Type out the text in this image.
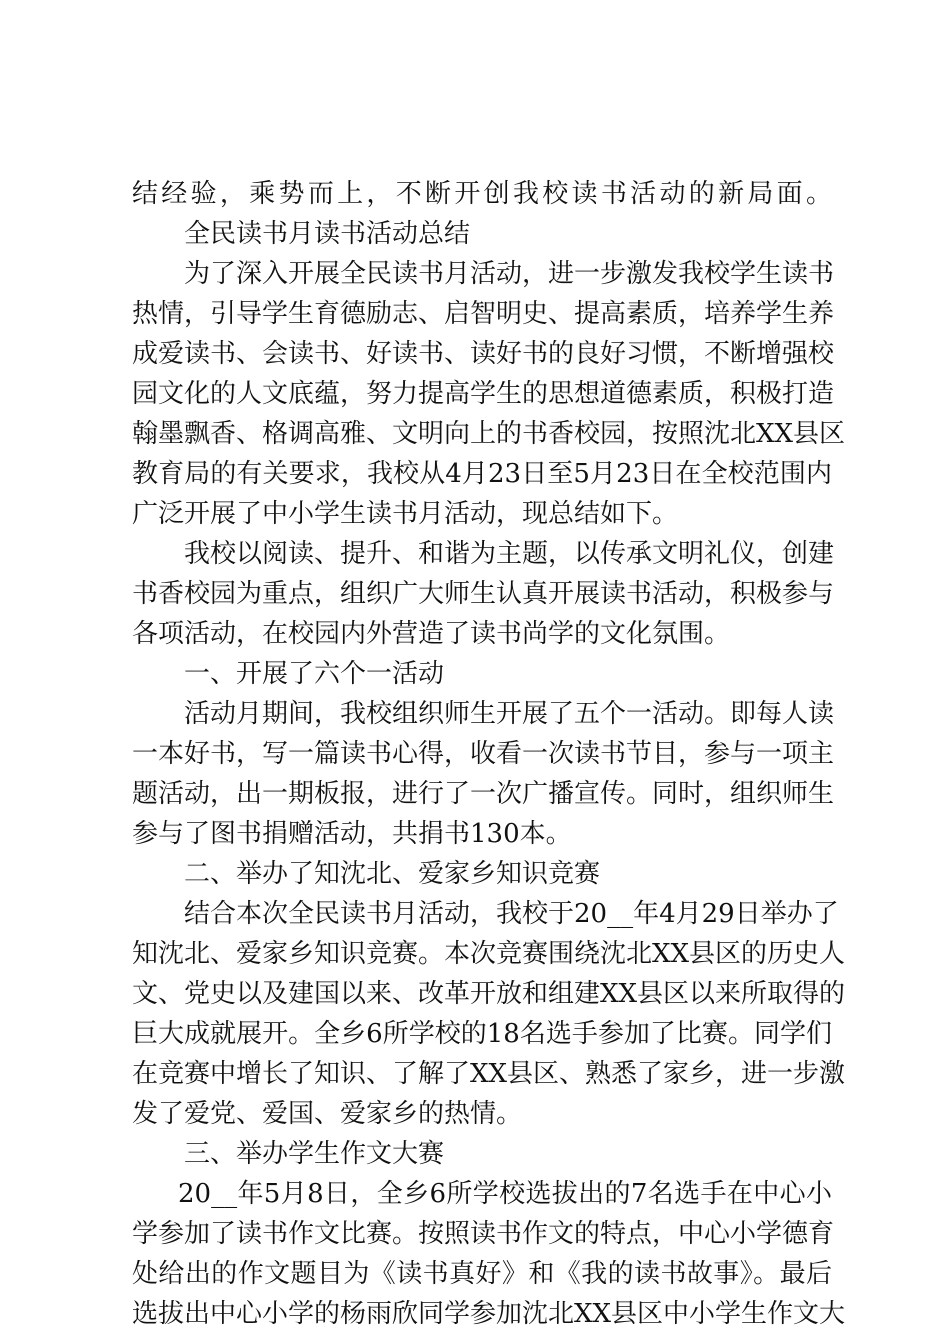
结经验，乘势而上，不断开创我校读书活动的新局面。
全民读书月读书活动总结
为了深入开展全民读书月活动，进一步激发我校学生读书
热情，引导学生育德励志、启智明史、提高素质，培养学生养
成爱读书、会读书、好读书、读好书的良好习惯，不断增强校
园文化的人文底蕴，努力提高学生的思想道德素质，积极打造
翰墨飘香、格调高雅、文明向上的书香校园，按照沈北XX县区
教育局的有关要求，我校从4月23日至5月23日在全校范围内
广泛开展了中小学生读书月活动，现总结如下。
我校以阅读、提升、和谐为主题，以传承文明礼仪，创建
书香校园为重点，组织广大师生认真开展读书活动，积极参与
各项活动，在校园内外营造了读书尚学的文化氛围。
一、开展了六个一活动
活动月期间，我校组织师生开展了五个一活动。即每人读
一本好书，写一篇读书心得，收看一次读书节目，参与一项主
题活动，出一期板报，进行了一次广播宣传。同时，组织师生
参与了图书捐赠活动，共捐书130本。
二、举办了知沈北、爱家乡知识竞赛
结合本次全民读书月活动，我校于20__年4月29日举办了
知沈北、爱家乡知识竞赛。本次竞赛围绕沈北XX县区的历史人
文、党史以及建国以来、改革开放和组建XX县区以来所取得的
巨大成就展开。全乡6所学校的18名选手参加了比赛。同学们
在竞赛中增长了知识、了解了XX县区、熟悉了家乡，进一步激
发了爱党、爱国、爱家乡的热情。
三、举办学生作文大赛
20__年5月8日，全乡6所学校选拔出的7名选手在中心小
学参加了读书作文比赛。按照读书作文的特点，中心小学德育
处给出的作文题目为《读书真好》和《我的读书故事》。最后
选拔出中心小学的杨雨欣同学参加沈北XX县区中小学生作文大
